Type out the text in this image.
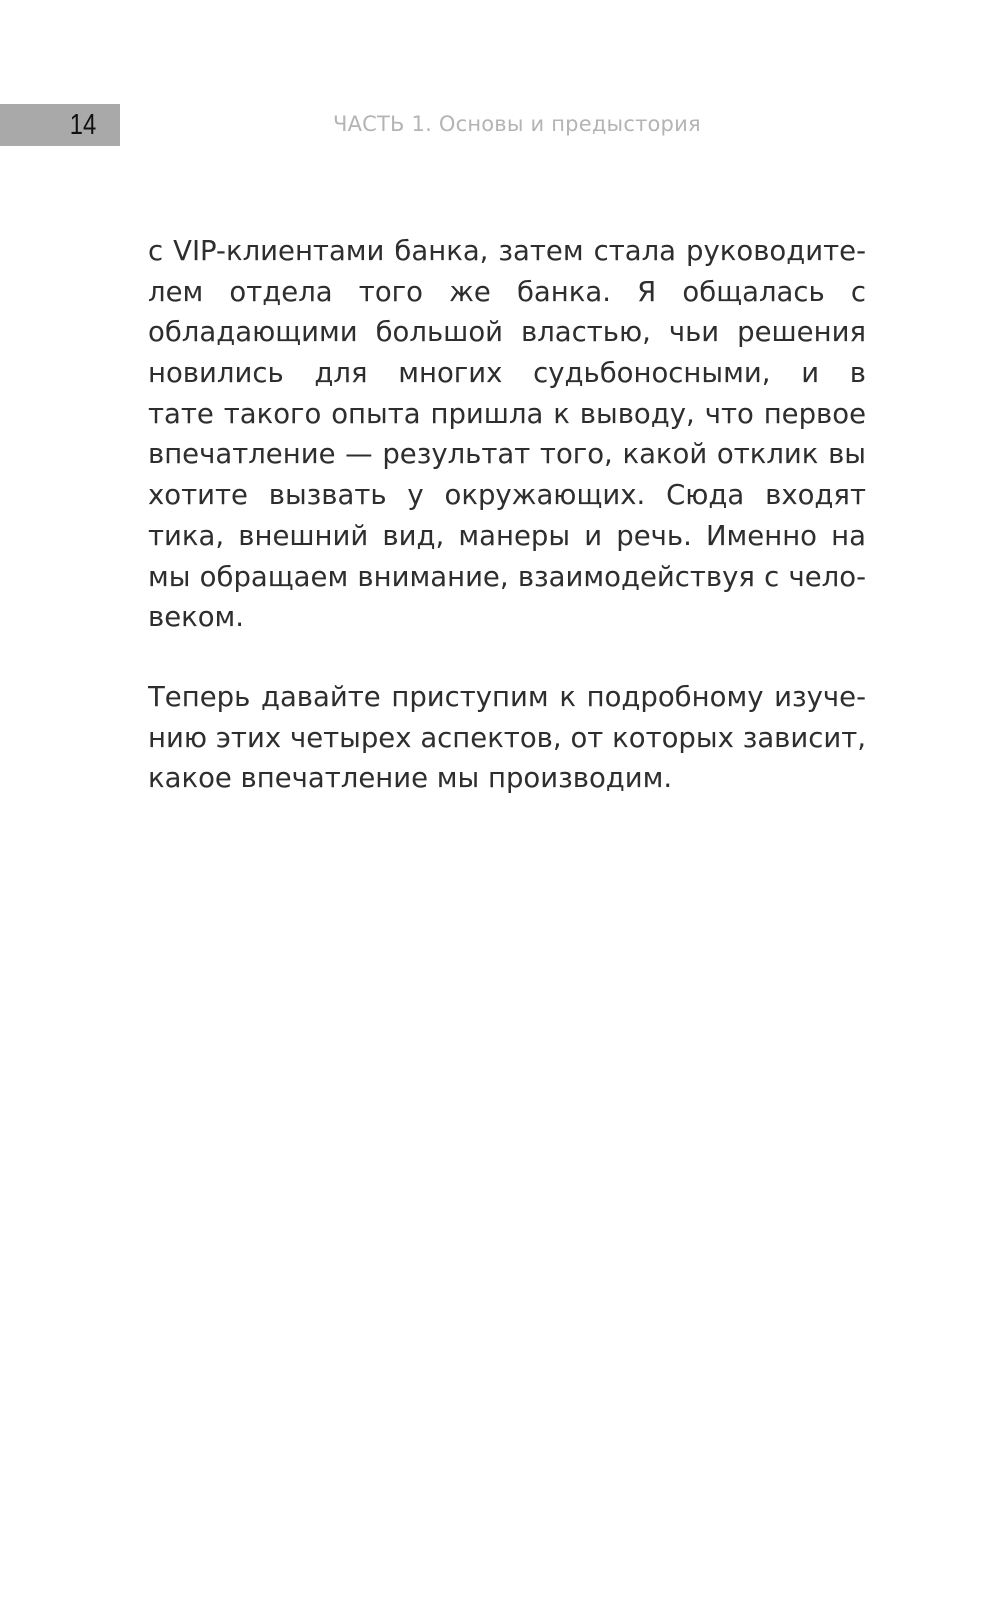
14	ЧАСТЬ 1. Основы и предыстория
с VIP-клиентами банка, затем стала руководите-
лем отдела того же банка. Я общалась с
обладающими большой властью, чьи решения
новились для многих судьбоносными, и в
тате такого опыта пришла к выводу, что первое
впечатление — результат того, какой отклик вы
хотите вызвать у окружающих. Сюда входят
тика, внешний вид, манеры и речь. Именно на
мы обращаем внимание, взаимодействуя с чело-
веком.
Теперь давайте приступим к подробному изуче-
нию этих четырех аспектов, от которых зависит,
какое впечатление мы производим.
